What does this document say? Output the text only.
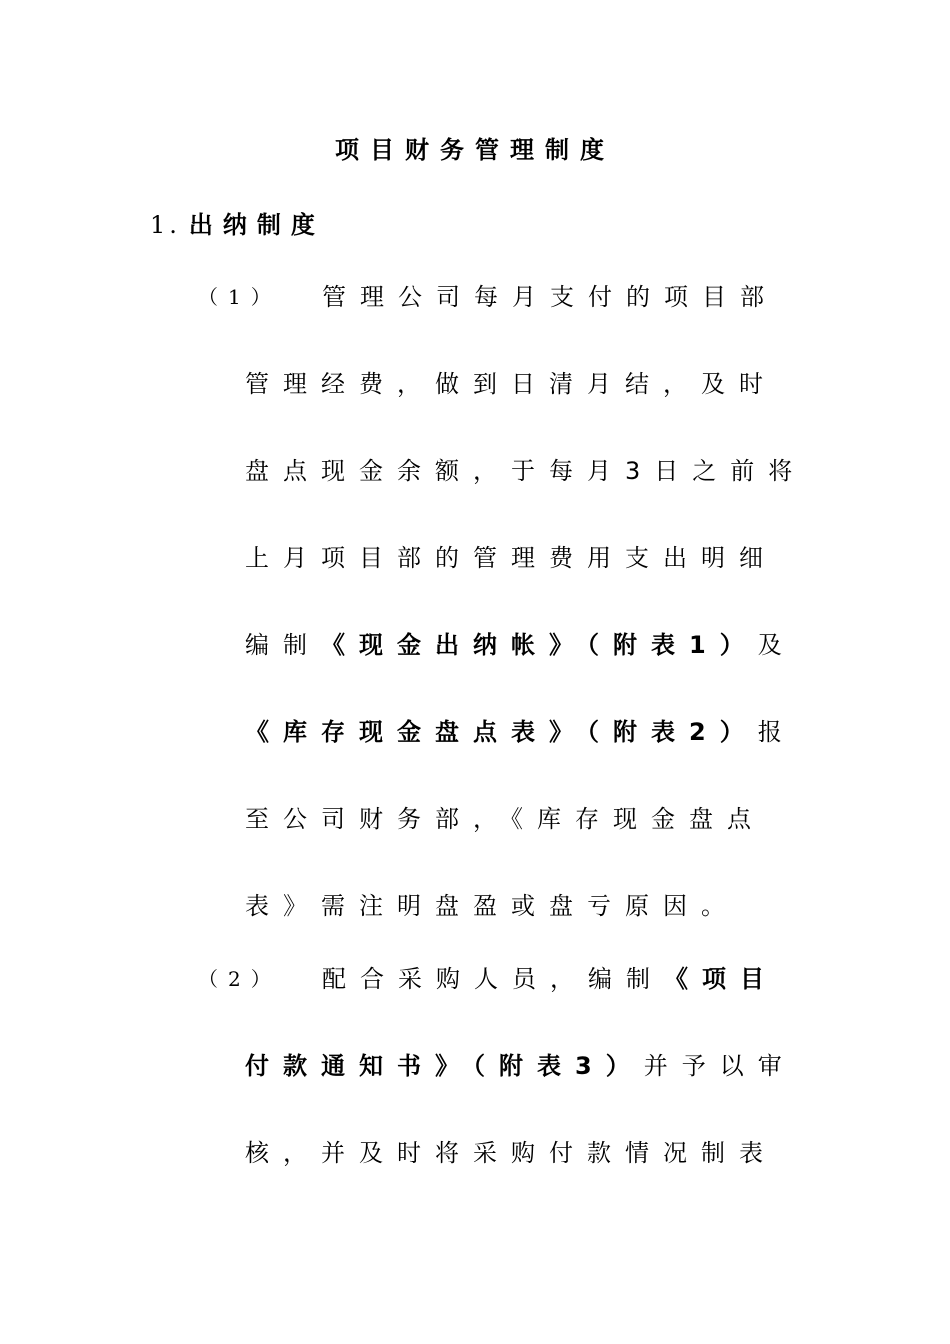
项目财务管理制度
1. 出纳制度
（1） 管理公司每月支付的项目部
管理经费，做到日清月结，及时
盘点现金余额，于每月3日之前将
上月项目部的管理费用支出明细
编制《现金出纳帐》（附表1）及
《库存现金盘点表》（附表2）报
至公司财务部，《库存现金盘点
表》需注明盘盈或盘亏原因。
（2） 配合采购人员，编制《项目
付款通知书》（附表3）并予以审
核，并及时将采购付款情况制表
